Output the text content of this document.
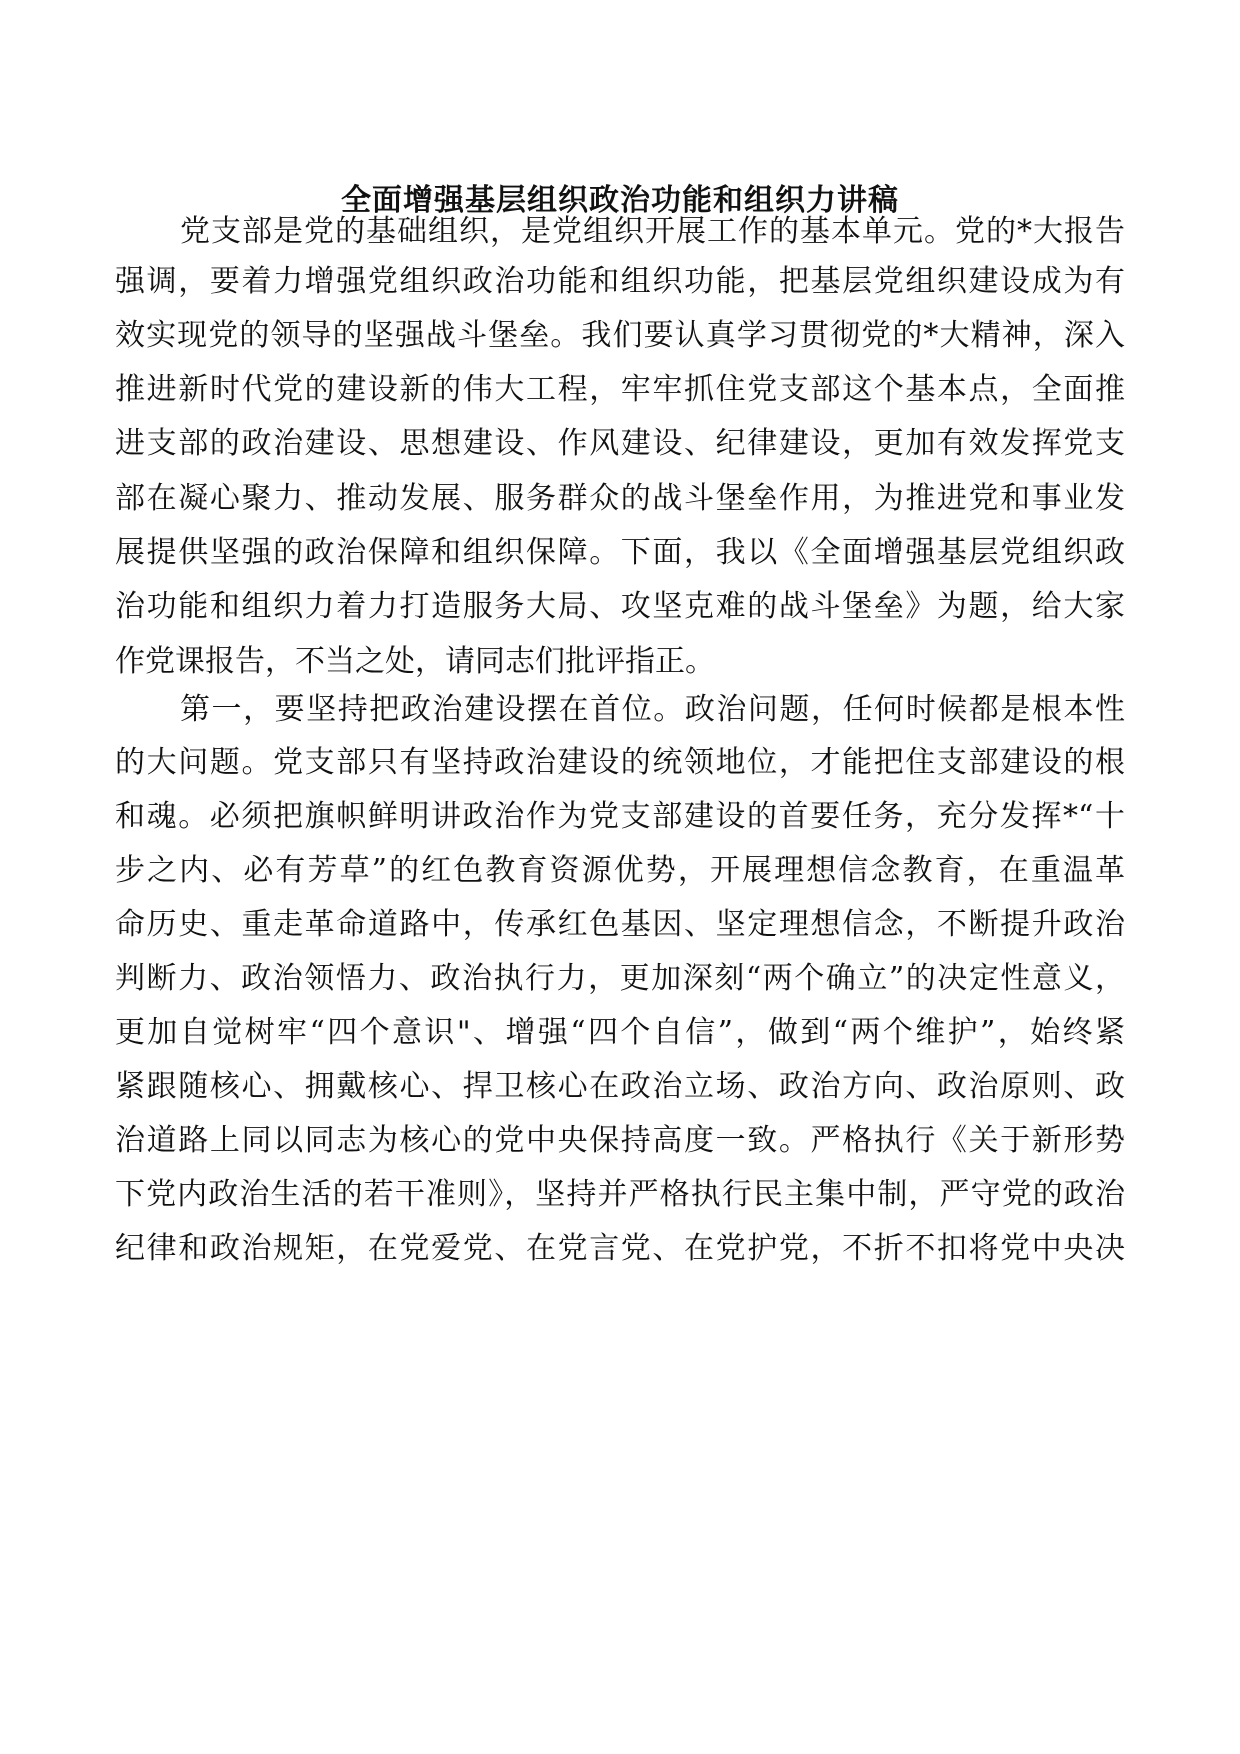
全面增强基层组织政治功能和组织力讲稿

党支部是党的基础组织，是党组织开展工作的基本单元。党的*大报告

强调，要着力增强党组织政治功能和组织功能，把基层党组织建设成为有

效实现党的领导的坚强战斗堡垒。我们要认真学习贯彻党的*大精神，深入

推进新时代党的建设新的伟大工程，牢牢抓住党支部这个基本点，全面推

进支部的政治建设、思想建设、作风建设、纪律建设，更加有效发挥党支

部在凝心聚力、推动发展、服务群众的战斗堡垒作用，为推进党和事业发

展提供坚强的政治保障和组织保障。下面，我以《全面增强基层党组织政

治功能和组织力着力打造服务大局、攻坚克难的战斗堡垒》为题，给大家

作党课报告，不当之处，请同志们批评指正。

第一，要坚持把政治建设摆在首位。政治问题，任何时候都是根本性

的大问题。党支部只有坚持政治建设的统领地位，才能把住支部建设的根

和魂。必须把旗帜鲜明讲政治作为党支部建设的首要任务，充分发挥*“十

步之内、必有芳草”的红色教育资源优势，开展理想信念教育，在重温革

命历史、重走革命道路中，传承红色基因、坚定理想信念，不断提升政治

判断力、政治领悟力、政治执行力，更加深刻“两个确立”的决定性意义，

更加自觉树牢“四个意识"、增强“四个自信”，做到“两个维护”，始终紧

紧跟随核心、拥戴核心、捍卫核心在政治立场、政治方向、政治原则、政

治道路上同以同志为核心的党中央保持高度一致。严格执行《关于新形势

下党内政治生活的若干准则》，坚持并严格执行民主集中制，严守党的政治

纪律和政治规矩，在党爱党、在党言党、在党护党，不折不扣将党中央决
